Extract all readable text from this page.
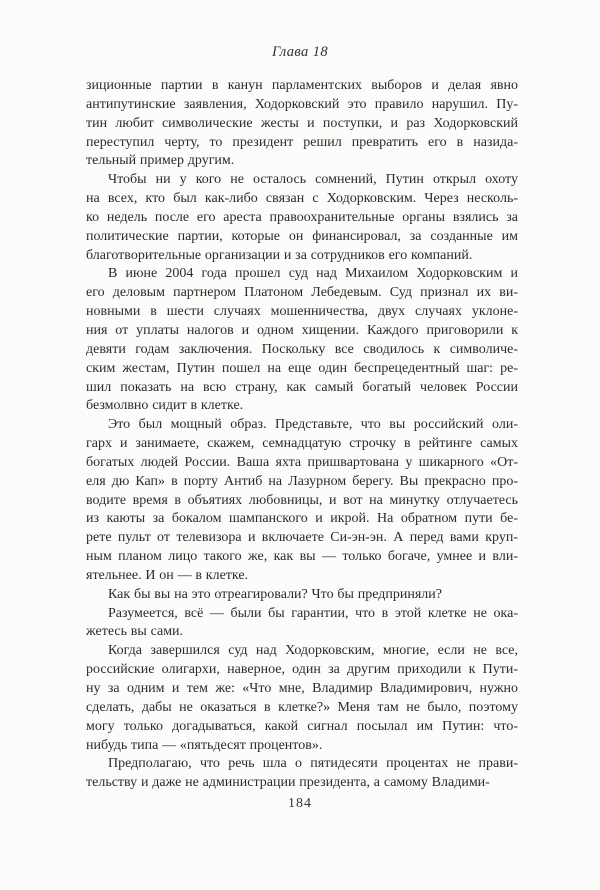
Глава 18
зиционные партии в канун парламентских выборов и делая явно
антипутинские заявления, Ходорковский это правило нарушил. Пу-
тин любит символические жесты и поступки, и раз Ходорковский
переступил черту, то президент решил превратить его в назида-
тельный пример другим.
Чтобы ни у кого не осталось сомнений, Путин открыл охоту
на всех, кто был как-либо связан с Ходорковским. Через несколь-
ко недель после его ареста правоохранительные органы взялись за
политические партии, которые он финансировал, за созданные им
благотворительные организации и за сотрудников его компаний.
В июне 2004 года прошел суд над Михаилом Ходорковским и
его деловым партнером Платоном Лебедевым. Суд признал их ви-
новными в шести случаях мошенничества, двух случаях уклоне-
ния от уплаты налогов и одном хищении. Каждого приговорили к
девяти годам заключения. Поскольку все сводилось к символиче-
ским жестам, Путин пошел на еще один беспрецедентный шаг: ре-
шил показать на всю страну, как самый богатый человек России
безмолвно сидит в клетке.
Это был мощный образ. Представьте, что вы российский оли-
гарх и занимаете, скажем, семнадцатую строчку в рейтинге самых
богатых людей России. Ваша яхта пришвартована у шикарного «От-
еля дю Кап» в порту Антиб на Лазурном берегу. Вы прекрасно про-
водите время в объятиях любовницы, и вот на минутку отлучаетесь
из каюты за бокалом шампанского и икрой. На обратном пути бе-
рете пульт от телевизора и включаете Си-эн-эн. А перед вами круп-
ным планом лицо такого же, как вы — только богаче, умнее и вли-
ятельнее. И он — в клетке.
Как бы вы на это отреагировали? Что бы предприняли?
Разумеется, всё — были бы гарантии, что в этой клетке не ока-
жетесь вы сами.
Когда завершился суд над Ходорковским, многие, если не все,
российские олигархи, наверное, один за другим приходили к Пути-
ну за одним и тем же: «Что мне, Владимир Владимирович, нужно
сделать, дабы не оказаться в клетке?» Меня там не было, поэтому
могу только догадываться, какой сигнал посылал им Путин: что-
нибудь типа — «пятьдесят процентов».
Предполагаю, что речь шла о пятидесяти процентах не прави-
тельству и даже не администрации президента, а самому Владими-
184
